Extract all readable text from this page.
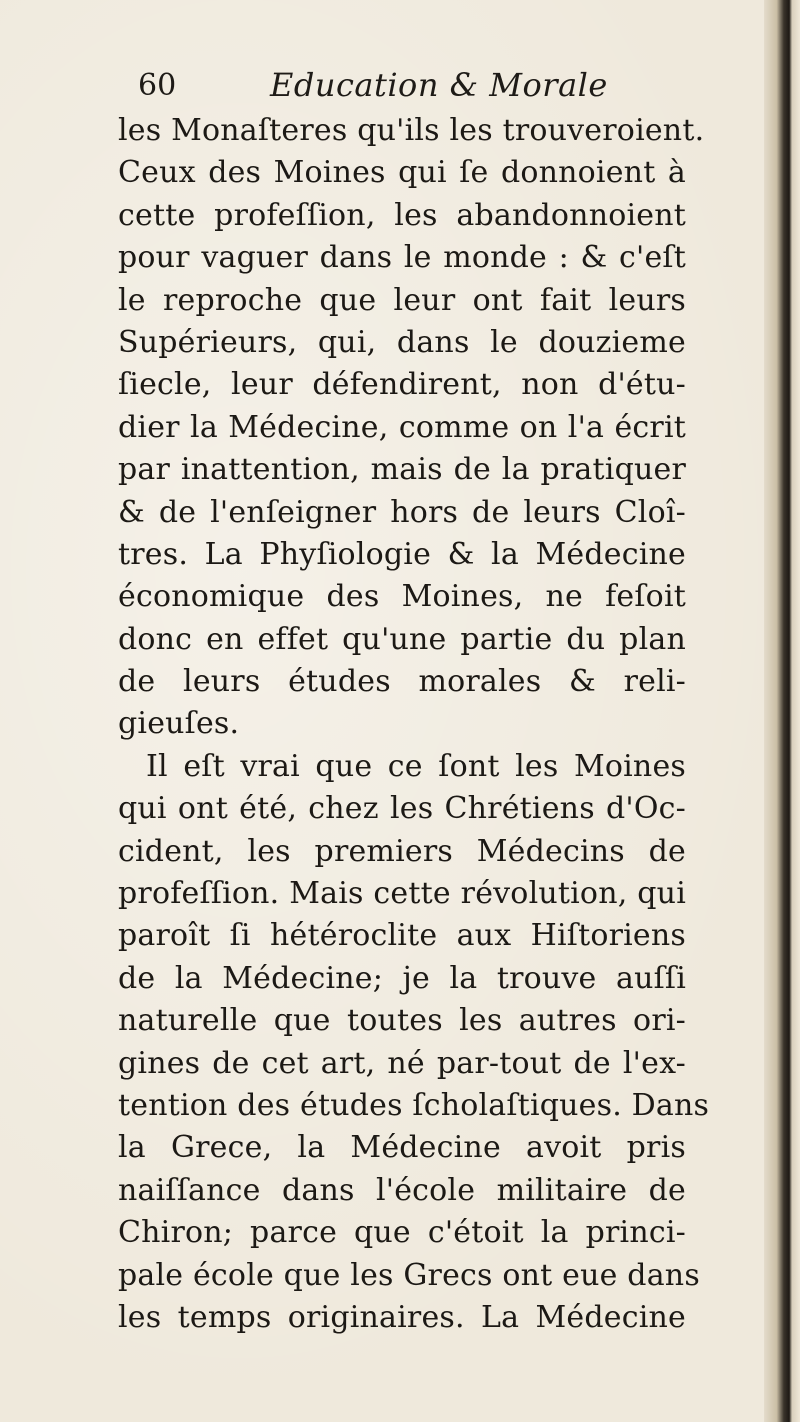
60	Education & Morale
les Monaſteres qu'ils les trouveroient.
Ceux des Moines qui ſe donnoient à
cette profeſſion, les abandonnoient
pour vaguer dans le monde : & c'eſt
le reproche que leur ont fait leurs
Supérieurs, qui, dans le douzieme
ſiecle, leur défendirent, non d'étu-
dier la Médecine, comme on l'a écrit
par inattention, mais de la pratiquer
& de l'enſeigner hors de leurs Cloî-
tres. La Phyſiologie & la Médecine
économique des Moines, ne feſoit
donc en effet qu'une partie du plan
de leurs études morales & reli-
gieuſes.
Il eſt vrai que ce ſont les Moines
qui ont été, chez les Chrétiens d'Oc-
cident, les premiers Médecins de
profeſſion. Mais cette révolution, qui
paroît ſi hétéroclite aux Hiſtoriens
de la Médecine; je la trouve auſſi
naturelle que toutes les autres ori-
gines de cet art, né par-tout de l'ex-
tention des études ſcholaſtiques. Dans
la Grece, la Médecine avoit pris
naiſſance dans l'école militaire de
Chiron; parce que c'étoit la princi-
pale école que les Grecs ont eue dans
les temps originaires. La Médecine
